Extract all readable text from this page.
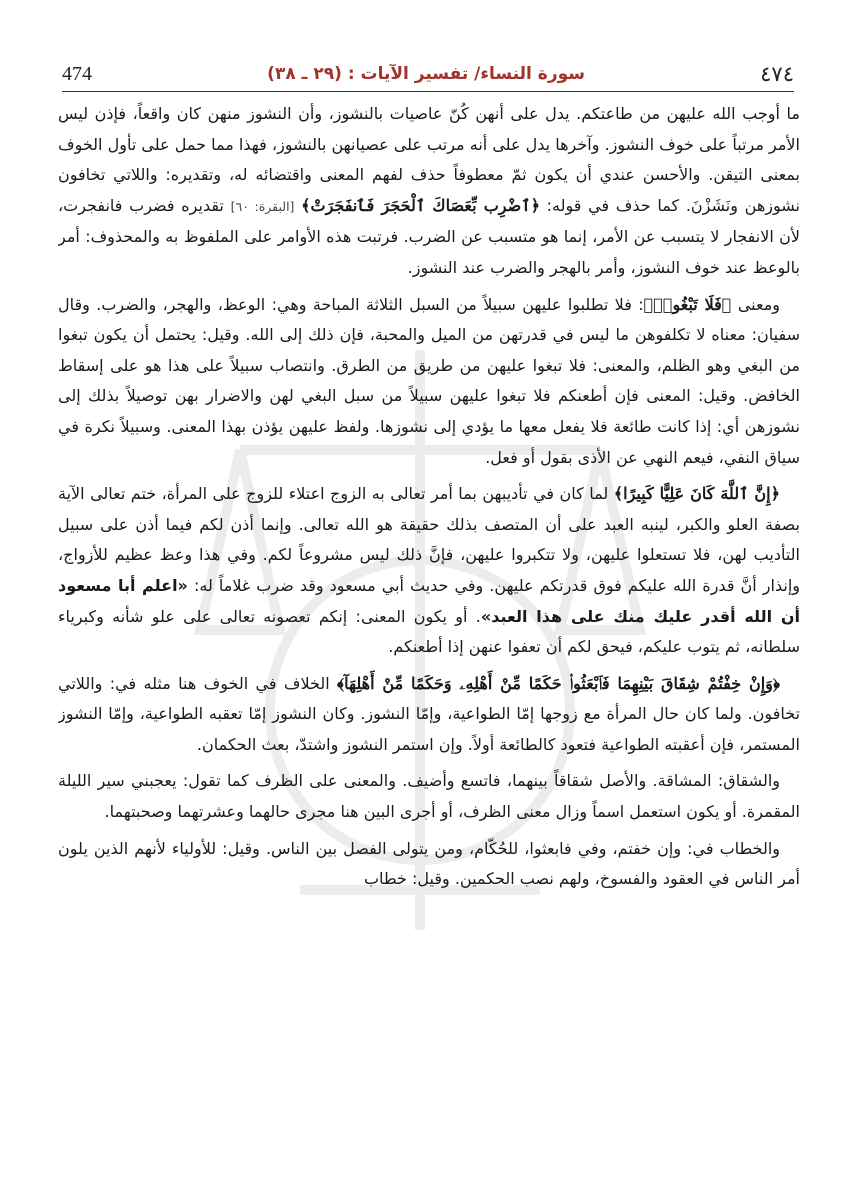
474	سورة النساء/ تفسير الآيات : (٢٩ ـ ٣٨)	٤٧٤

ما أوجب الله عليهن من طاعتكم. يدل على أنهن كُنّ عاصيات بالنشوز، وأن النشوز منهن كان واقعاً، فإذن ليس الأمر مرتباً على خوف النشوز. وآخرها يدل على أنه مرتب على عصيانهن بالنشوز، فهذا مما حمل على تأول الخوف بمعنى التيقن. والأحسن عندي أن يكون ثمّ معطوفاً حذف لفهم المعنى واقتضائه له، وتقديره: واللاتي تخافون نشوزهن ونَشَزْنَ. كما حذف في قوله: ﴿ٱضْرِب بِّعَصَاكَ ٱلْحَجَرَ فَٱنفَجَرَتْ﴾ [البقرة: ٦٠] تقديره فضرب فانفجرت، لأن الانفجار لا يتسبب عن الأمر، إنما هو متسبب عن الضرب. فرتبت هذه الأوامر على الملفوظ به والمحذوف: أمر بالوعظ عند خوف النشوز، وأمر بالهجر والضرب عند النشوز.

ومعنى ﴿فَلَا تَبْغُوا۟﴾: فلا تطلبوا عليهن سبيلاً من السبل الثلاثة المباحة وهي: الوعظ، والهجر، والضرب. وقال سفيان: معناه لا تكلفوهن ما ليس في قدرتهن من الميل والمحبة، فإن ذلك إلى الله. وقيل: يحتمل أن يكون تبغوا من البغي وهو الظلم، والمعنى: فلا تبغوا عليهن من طريق من الطرق. وانتصاب سبيلاً على هذا هو على إسقاط الخافض. وقيل: المعنى فإن أطعنكم فلا تبغوا عليهن سبيلاً من سبل البغي لهن والاضرار بهن توصيلاً بذلك إلى نشوزهن أي: إذا كانت طائعة فلا يفعل معها ما يؤدي إلى نشوزها. ولفظ عليهن يؤذن بهذا المعنى. وسبيلاً نكرة في سياق النفي، فيعم النهي عن الأذى بقول أو فعل.

﴿إِنَّ ٱللَّهَ كَانَ عَلِيًّا كَبِيرًا﴾ لما كان في تأديبهن بما أمر تعالى به الزوج اعتلاء للزوج على المرأة، ختم تعالى الآية بصفة العلو والكبر، لينبه العبد على أن المتصف بذلك حقيقة هو الله تعالى. وإنما أذن لكم فيما أذن على سبيل التأديب لهن، فلا تستعلوا عليهن، ولا تتكبروا عليهن، فإنَّ ذلك ليس مشروعاً لكم. وفي هذا وعظ عظيم للأزواج، وإنذار أنَّ قدرة الله عليكم فوق قدرتكم عليهن. وفي حديث أبي مسعود وقد ضرب غلاماً له: «اعلم أبا مسعود أن الله أقدر عليك منك على هذا العبد». أو يكون المعنى: إنكم تعصونه تعالى على علو شأنه وكبرياء سلطانه، ثم يتوب عليكم، فيحق لكم أن تعفوا عنهن إذا أطعنكم.

﴿وَإِنْ خِفْتُمْ شِقَاقَ بَيْنِهِمَا فَٱبْعَثُوا۟ حَكَمًا مِّنْ أَهْلِهِۦ وَحَكَمًا مِّنْ أَهْلِهَآ﴾ الخلاف في الخوف هنا مثله في: واللاتي تخافون. ولما كان حال المرأة مع زوجها إمّا الطواعية، وإمّا النشوز. وكان النشوز إمّا تعقبه الطواعية، وإمّا النشوز المستمر، فإن أعقبته الطواعية فتعود كالطائعة أولاً. وإن استمر النشوز واشتدّ، بعث الحكمان.

والشقاق: المشاقة. والأصل شقاقاً بينهما، فاتسع وأضيف. والمعنى على الظرف كما تقول: يعجبني سير الليلة المقمرة. أو يكون استعمل اسماً وزال معنى الظرف، أو أجرى البين هنا مجرى حالهما وعشرتهما وصحبتهما.

والخطاب في: وإن خفتم، وفي فابعثوا، للحُكّام، ومن يتولى الفصل بين الناس. وقيل: للأولياء لأنهم الذين يلون أمر الناس في العقود والفسوخ، ولهم نصب الحكمين. وقيل: خطاب
